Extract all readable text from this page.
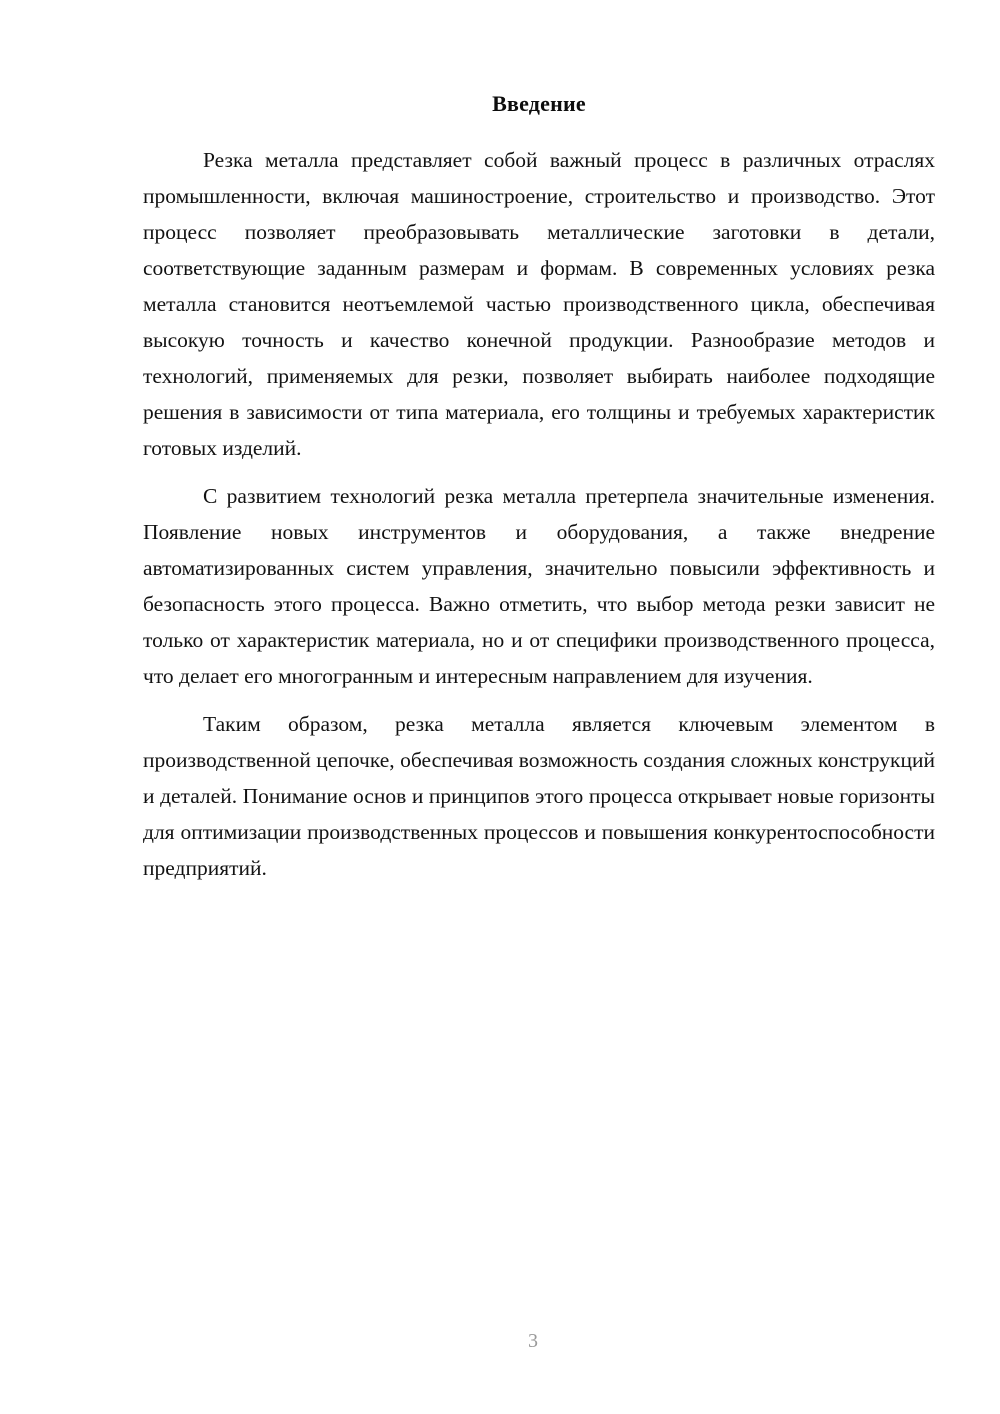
Введение

Резка металла представляет собой важный процесс в различных отраслях промышленности, включая машиностроение, строительство и производство. Этот процесс позволяет преобразовывать металлические заготовки в детали, соответствующие заданным размерам и формам. В современных условиях резка металла становится неотъемлемой частью производственного цикла, обеспечивая высокую точность и качество конечной продукции. Разнообразие методов и технологий, применяемых для резки, позволяет выбирать наиболее подходящие решения в зависимости от типа материала, его толщины и требуемых характеристик готовых изделий.

С развитием технологий резка металла претерпела значительные изменения. Появление новых инструментов и оборудования, а также внедрение автоматизированных систем управления, значительно повысили эффективность и безопасность этого процесса. Важно отметить, что выбор метода резки зависит не только от характеристик материала, но и от специфики производственного процесса, что делает его многогранным и интересным направлением для изучения.

Таким образом, резка металла является ключевым элементом в производственной цепочке, обеспечивая возможность создания сложных конструкций и деталей. Понимание основ и принципов этого процесса открывает новые горизонты для оптимизации производственных процессов и повышения конкурентоспособности предприятий.

3
